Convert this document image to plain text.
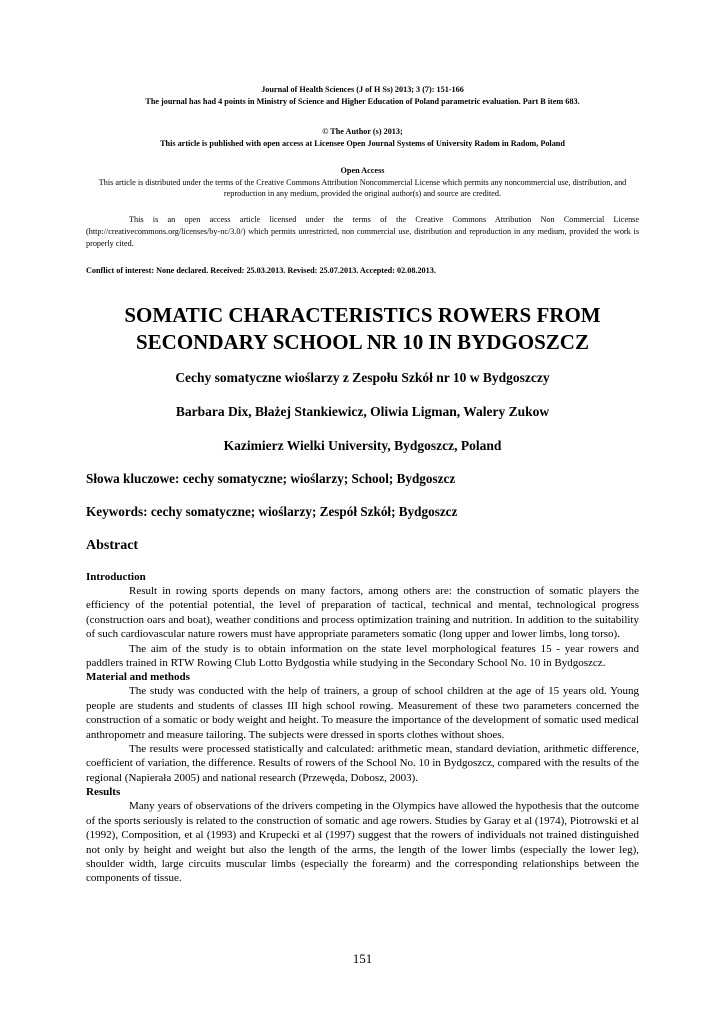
Journal of Health Sciences (J of H Ss) 2013; 3 (7): 151-166
The journal has had 4 points in Ministry of Science and Higher Education of Poland parametric evaluation. Part B item 683.
© The Author (s) 2013;
This article is published with open access at Licensee Open Journal Systems of University Radom in Radom, Poland
Open Access
This article is distributed under the terms of the Creative Commons Attribution Noncommercial License which permits any noncommercial use, distribution, and reproduction in any medium, provided the original author(s) and source are credited.
This is an open access article licensed under the terms of the Creative Commons Attribution Non Commercial License (http://creativecommons.org/licenses/by-nc/3.0/) which permits unrestricted, non commercial use, distribution and reproduction in any medium, provided the work is properly cited.
Conflict of interest: None declared. Received: 25.03.2013. Revised: 25.07.2013. Accepted: 02.08.2013.
SOMATIC CHARACTERISTICS ROWERS FROM
SECONDARY SCHOOL NR 10 IN BYDGOSZCZ
Cechy somatyczne wioślarzy z Zespołu Szkół nr 10 w Bydgoszczy
Barbara Dix, Błażej Stankiewicz, Oliwia Ligman, Walery Zukow
Kazimierz Wielki University, Bydgoszcz, Poland
Słowa kluczowe: cechy somatyczne; wioślarzy; School; Bydgoszcz
Keywords: cechy somatyczne; wioślarzy; Zespół Szkół; Bydgoszcz
Abstract
Introduction

Result in rowing sports depends on many factors, among others are: the construction of somatic players the efficiency of the potential potential, the level of preparation of tactical, technical and mental, technological progress (construction oars and boat), weather conditions and process optimization training and nutrition. In addition to the suitability of such cardiovascular nature rowers must have appropriate parameters somatic (long upper and lower limbs, long torso).

The aim of the study is to obtain information on the state level morphological features 15 - year rowers and paddlers trained in RTW Rowing Club Lotto Bydgostia while studying in the Secondary School No. 10 in Bydgoszcz.

Material and methods

The study was conducted with the help of trainers, a group of school children at the age of 15 years old. Young people are students and students of classes III high school rowing. Measurement of these two parameters concerned the construction of a somatic or body weight and height. To measure the importance of the development of somatic used medical anthropometr and measure tailoring. The subjects were dressed in sports clothes without shoes.

The results were processed statistically and calculated: arithmetic mean, standard deviation, arithmetic difference, coefficient of variation, the difference. Results of rowers of the School No. 10 in Bydgoszcz, compared with the results of the regional (Napierała 2005) and national research (Przewęda, Dobosz, 2003).

Results

Many years of observations of the drivers competing in the Olympics have allowed the hypothesis that the outcome of the sports seriously is related to the construction of somatic and age rowers. Studies by Garay et al (1974), Piotrowski et al (1992), Composition, et al (1993) and Krupecki et al (1997) suggest that the rowers of individuals not trained distinguished not only by height and weight but also the length of the arms, the length of the lower limbs (especially the lower leg), shoulder width, large circuits muscular limbs (especially the forearm) and the corresponding relationships between the components of tissue.

151
